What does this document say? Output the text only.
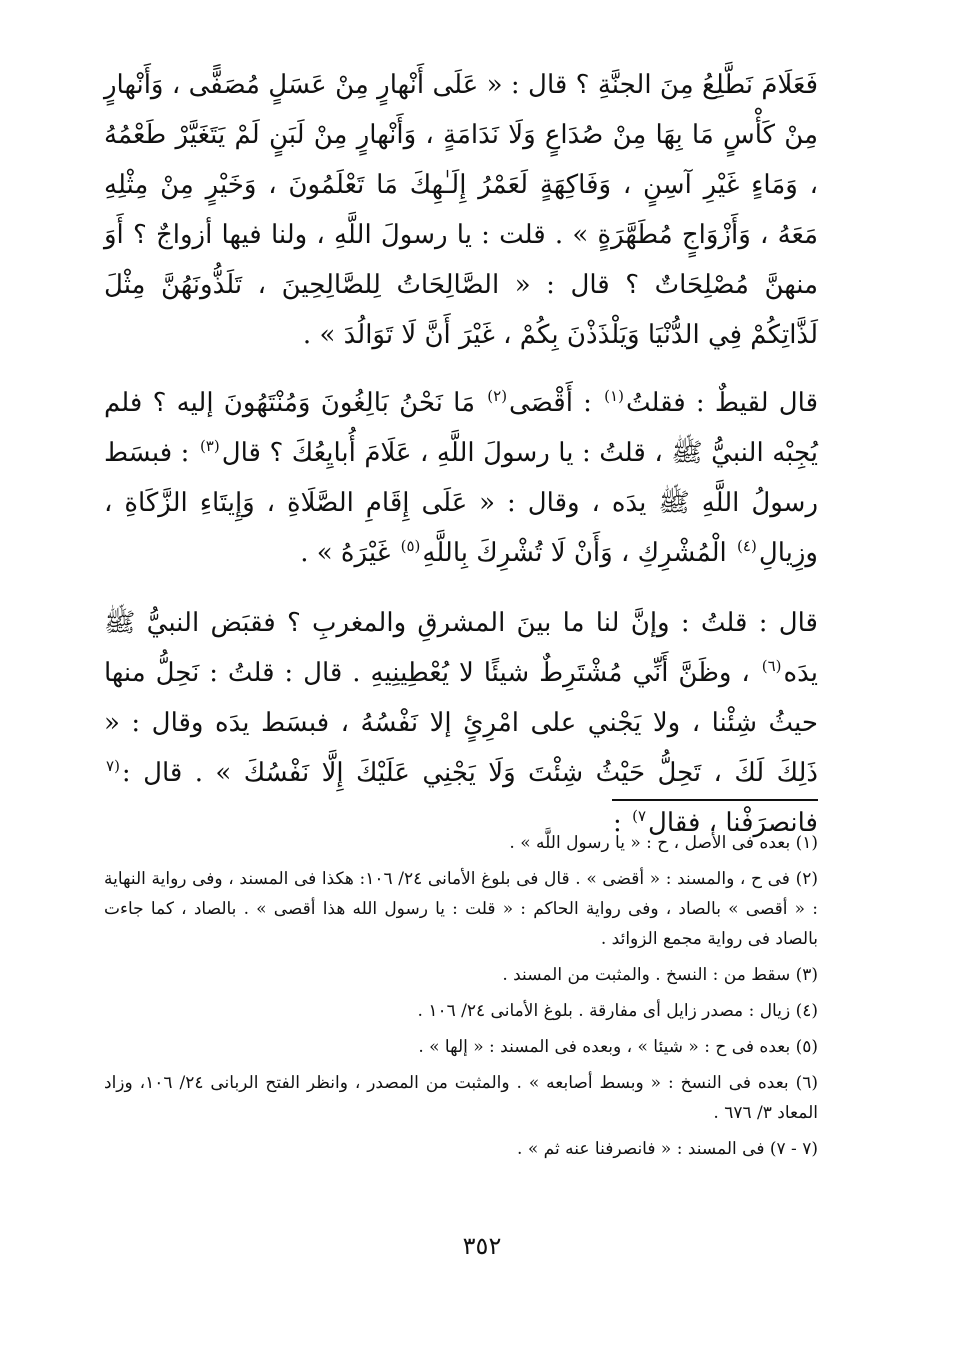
فَعَلَامَ نَطَّلِعُ مِنَ الجنَّةِ ؟ قال : « عَلَى أَنْهارٍ مِنْ عَسَلٍ مُصَفًّى ، وَأَنْهارٍ مِنْ كَأْسٍ مَا بِهَا مِنْ صُدَاعٍ وَلَا نَدَامَةٍ ، وَأَنْهارٍ مِنْ لَبَنٍ لَمْ يَتَغَيَّرْ طَعْمُهُ ، وَمَاءٍ غَيْرِ آسِنٍ ، وَفَاكِهَةٍ لَعَمْرُ إِلَـٰهِكَ مَا تَعْلَمُونَ ، وَخَيْرٍ مِنْ مِثْلِهِ مَعَهُ ، وَأَزْوَاجٍ مُطَهَّرَةٍ » . قلت : يا رسولَ اللَّهِ ، ولنا فيها أزواجٌ ؟ أَوَ منهنَّ مُصْلِحَاتٌ ؟ قال : « الصَّالِحَاتُ لِلصَّالِحِينَ ، تَلَذُّونَهُنَّ مِثْلَ لَذَّاتِكُمْ فِي الدُّنْيَا وَيَلْذَذْنَ بِكُمْ ، غَيْرَ أَنَّ لَا تَوَالُدَ » .

قال لقيطٌ : فقلتُ$^{(١)}$ : أَقْصَى$^{(٢)}$ مَا نَحْنُ بَالِغُونَ وَمُنْتَهُونَ إليه ؟ فلم يُجِبْه النبيُّ ﷺ ، قلتُ : يا رسولَ اللَّهِ ، عَلَامَ أُبايِعُكَ ؟ قال$^{(٣)}$ : فبسَط رسولُ اللَّهِ ﷺ يدَه ، وقال : « عَلَى إِقَامِ الصَّلَاةِ ، وَإِيتَاءِ الزَّكَاةِ ، وزِيالِ$^{(٤)}$ الْمُشْرِكِ ، وَأَنْ لَا تُشْرِكَ بِاللَّهِ$^{(٥)}$ غَيْرَهُ » .

قال : قلتُ : وإنَّ لنا ما بينَ المشرقِ والمغربِ ؟ فقبَض النبيُّ ﷺ يدَه$^{(٦)}$ ، وظَنَّ أَنِّي مُشْتَرِطٌ شيئًا لا يُعْطِينِيهِ . قال : قلتُ : نَحِلُّ منها حيثُ شِئْنا ، ولا يَجْني على امْرِئٍ إلا نَفْسُهُ ، فبسَط يدَه وقال : « ذَلِكَ لَكَ ، تَحِلُّ حَيْثُ شِئْتَ وَلَا يَجْنِي عَلَيْكَ إِلَّا نَفْسُكَ » . قال :$^{(٧}$ فانصرَفْنا ، فقال$^{٧)}$ :

(١) بعده فى الأصل ، ح : « يا رسول اللَّه » .

(٢) فى ح ، والمسند : « أقضى » . قال فى بلوغ الأمانى ٢٤/ ١٠٦: هكذا فى المسند ، وفى رواية النهاية : « أقصى » بالصاد ، وفى رواية الحاكم : « قلت : يا رسول الله هذا أقصى » . بالصاد ، كما جاءت بالصاد فى رواية مجمع الزوائد .

(٣) سقط من : النسخ . والمثبت من المسند .

(٤) زيال : مصدر زايل أى مفارقة . بلوغ الأمانى ٢٤/ ١٠٦ .

(٥) بعده فى ح : « شيئا » ، وبعده فى المسند : « إلها » .

(٦) بعده فى النسخ : « وبسط أصابعه » . والمثبت من المصدر ، وانظر الفتح الربانى ٢٤/ ١٠٦، وزاد المعاد ٣/ ٦٧٦ .

(٧ - ٧) فى المسند : « فانصرفنا عنه ثم » .

٣٥٢
